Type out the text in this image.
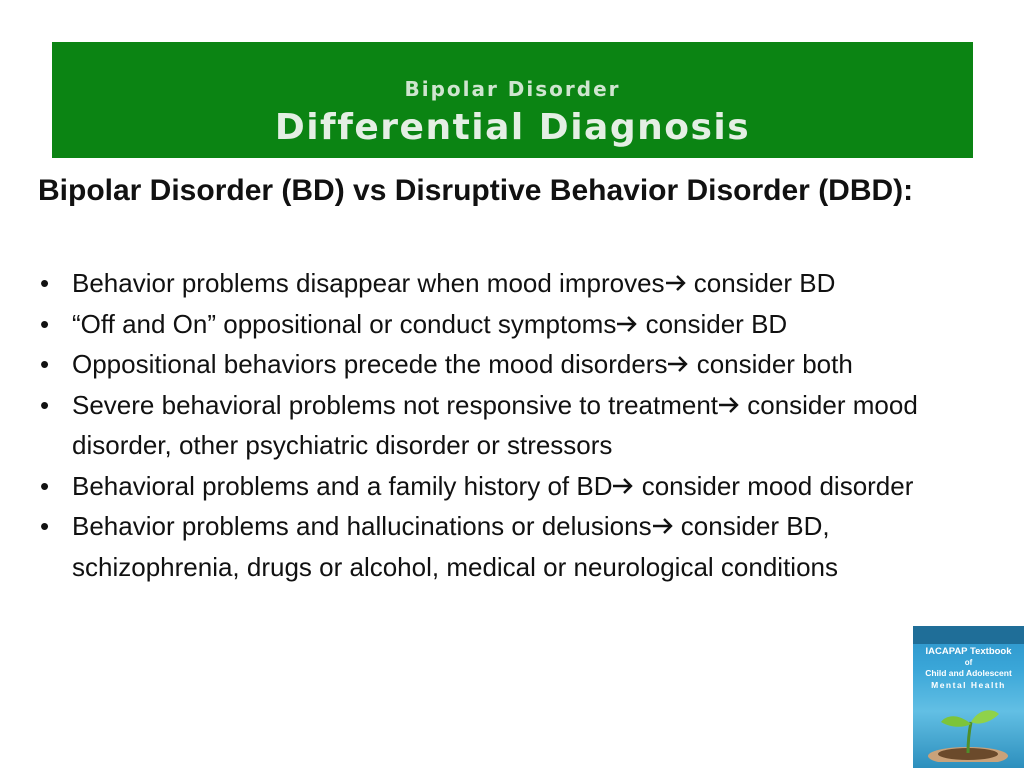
Bipolar Disorder
Differential Diagnosis
Bipolar Disorder (BD) vs Disruptive Behavior Disorder (DBD):
• Behavior problems disappear when mood improves consider BD
• “Off and On” oppositional or conduct symptoms consider BD
• Oppositional behaviors precede the mood disorders consider both
• Severe behavioral problems not responsive to treatment consider mood disorder, other psychiatric disorder or stressors
• Behavioral problems and a family history of BD consider mood disorder
• Behavior problems and hallucinations or delusions consider BD, schizophrenia, drugs or alcohol, medical or neurological conditions
IACAPAP Textbook
of
Child and Adolescent
Mental Health
